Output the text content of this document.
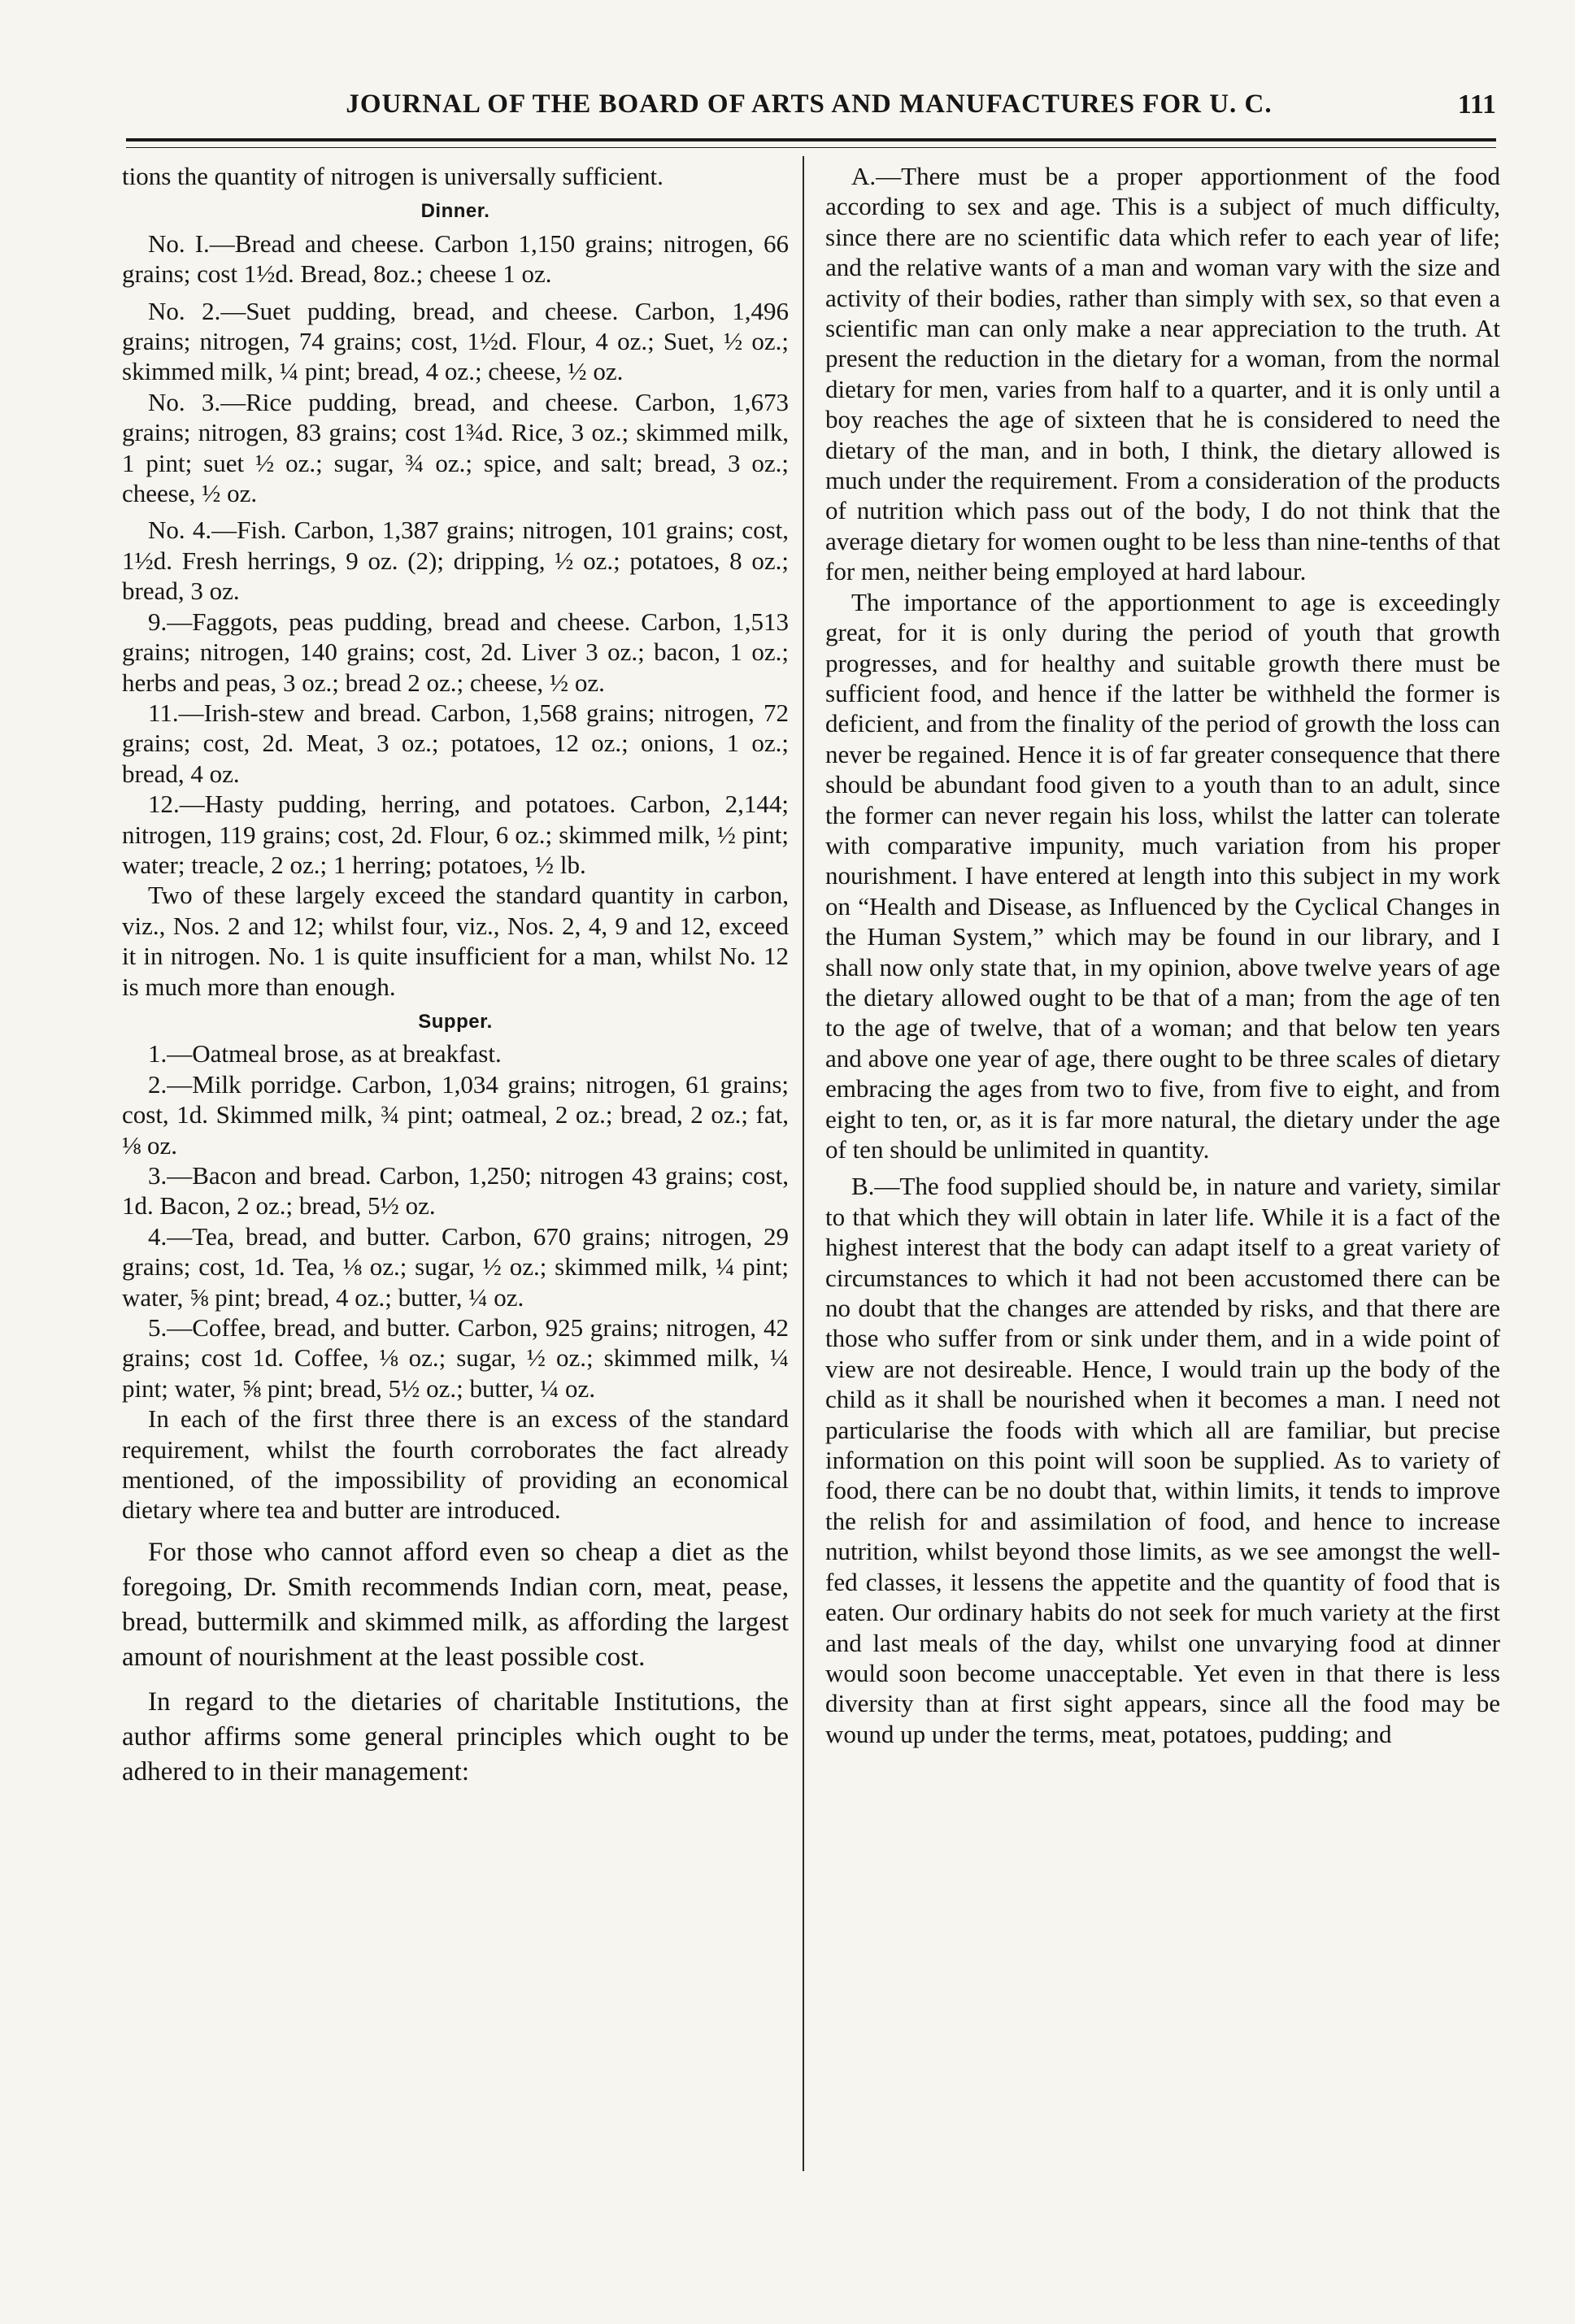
JOURNAL OF THE BOARD OF ARTS AND MANUFACTURES FOR U. C.	111

tions the quantity of nitrogen is universally sufficient.

Dinner.

No. I.—Bread and cheese. Carbon 1,150 grains; nitrogen, 66 grains; cost 1½d. Bread, 8oz.; cheese 1 oz.

No. 2.—Suet pudding, bread, and cheese. Carbon, 1,496 grains; nitrogen, 74 grains; cost, 1½d. Flour, 4 oz.; Suet, ½ oz.; skimmed milk, ¼ pint; bread, 4 oz.; cheese, ½ oz.

No. 3.—Rice pudding, bread, and cheese. Carbon, 1,673 grains; nitrogen, 83 grains; cost 1¾d. Rice, 3 oz.; skimmed milk, 1 pint; suet ½ oz.; sugar, ¾ oz.; spice, and salt; bread, 3 oz.; cheese, ½ oz.

No. 4.—Fish. Carbon, 1,387 grains; nitrogen, 101 grains; cost, 1½d. Fresh herrings, 9 oz. (2); dripping, ½ oz.; potatoes, 8 oz.; bread, 3 oz.

9.—Faggots, peas pudding, bread and cheese. Carbon, 1,513 grains; nitrogen, 140 grains; cost, 2d. Liver 3 oz.; bacon, 1 oz.; herbs and peas, 3 oz.; bread 2 oz.; cheese, ½ oz.

11.—Irish-stew and bread. Carbon, 1,568 grains; nitrogen, 72 grains; cost, 2d. Meat, 3 oz.; potatoes, 12 oz.; onions, 1 oz.; bread, 4 oz.

12.—Hasty pudding, herring, and potatoes. Carbon, 2,144; nitrogen, 119 grains; cost, 2d. Flour, 6 oz.; skimmed milk, ½ pint; water; treacle, 2 oz.; 1 herring; potatoes, ½ lb.

Two of these largely exceed the standard quantity in carbon, viz., Nos. 2 and 12; whilst four, viz., Nos. 2, 4, 9 and 12, exceed it in nitrogen. No. 1 is quite insufficient for a man, whilst No. 12 is much more than enough.

Supper.

1.—Oatmeal brose, as at breakfast.

2.—Milk porridge. Carbon, 1,034 grains; nitrogen, 61 grains; cost, 1d. Skimmed milk, ¾ pint; oatmeal, 2 oz.; bread, 2 oz.; fat, ⅛ oz.

3.—Bacon and bread. Carbon, 1,250; nitrogen 43 grains; cost, 1d. Bacon, 2 oz.; bread, 5½ oz.

4.—Tea, bread, and butter. Carbon, 670 grains; nitrogen, 29 grains; cost, 1d. Tea, ⅛ oz.; sugar, ½ oz.; skimmed milk, ¼ pint; water, ⅝ pint; bread, 4 oz.; butter, ¼ oz.

5.—Coffee, bread, and butter. Carbon, 925 grains; nitrogen, 42 grains; cost 1d. Coffee, ⅛ oz.; sugar, ½ oz.; skimmed milk, ¼ pint; water, ⅝ pint; bread, 5½ oz.; butter, ¼ oz.

In each of the first three there is an excess of the standard requirement, whilst the fourth corroborates the fact already mentioned, of the impossibility of providing an economical dietary where tea and butter are introduced.

For those who cannot afford even so cheap a diet as the foregoing, Dr. Smith recommends Indian corn, meat, pease, bread, buttermilk and skimmed milk, as affording the largest amount of nourishment at the least possible cost.

In regard to the dietaries of charitable Institutions, the author affirms some general principles which ought to be adhered to in their management:

A.—There must be a proper apportionment of the food according to sex and age. This is a subject of much difficulty, since there are no scientific data which refer to each year of life; and the relative wants of a man and woman vary with the size and activity of their bodies, rather than simply with sex, so that even a scientific man can only make a near appreciation to the truth. At present the reduction in the dietary for a woman, from the normal dietary for men, varies from half to a quarter, and it is only until a boy reaches the age of sixteen that he is considered to need the dietary of the man, and in both, I think, the dietary allowed is much under the requirement. From a consideration of the products of nutrition which pass out of the body, I do not think that the average dietary for women ought to be less than nine-tenths of that for men, neither being employed at hard labour.

The importance of the apportionment to age is exceedingly great, for it is only during the period of youth that growth progresses, and for healthy and suitable growth there must be sufficient food, and hence if the latter be withheld the former is deficient, and from the finality of the period of growth the loss can never be regained. Hence it is of far greater consequence that there should be abundant food given to a youth than to an adult, since the former can never regain his loss, whilst the latter can tolerate with comparative impunity, much variation from his proper nourishment. I have entered at length into this subject in my work on “Health and Disease, as Influenced by the Cyclical Changes in the Human System,” which may be found in our library, and I shall now only state that, in my opinion, above twelve years of age the dietary allowed ought to be that of a man; from the age of ten to the age of twelve, that of a woman; and that below ten years and above one year of age, there ought to be three scales of dietary embracing the ages from two to five, from five to eight, and from eight to ten, or, as it is far more natural, the dietary under the age of ten should be unlimited in quantity.

B.—The food supplied should be, in nature and variety, similar to that which they will obtain in later life. While it is a fact of the highest interest that the body can adapt itself to a great variety of circumstances to which it had not been accustomed there can be no doubt that the changes are attended by risks, and that there are those who suffer from or sink under them, and in a wide point of view are not desireable. Hence, I would train up the body of the child as it shall be nourished when it becomes a man. I need not particularise the foods with which all are familiar, but precise information on this point will soon be supplied. As to variety of food, there can be no doubt that, within limits, it tends to improve the relish for and assimilation of food, and hence to increase nutrition, whilst beyond those limits, as we see amongst the well-fed classes, it lessens the appetite and the quantity of food that is eaten. Our ordinary habits do not seek for much variety at the first and last meals of the day, whilst one unvarying food at dinner would soon become unacceptable. Yet even in that there is less diversity than at first sight appears, since all the food may be wound up under the terms, meat, potatoes, pudding; and
